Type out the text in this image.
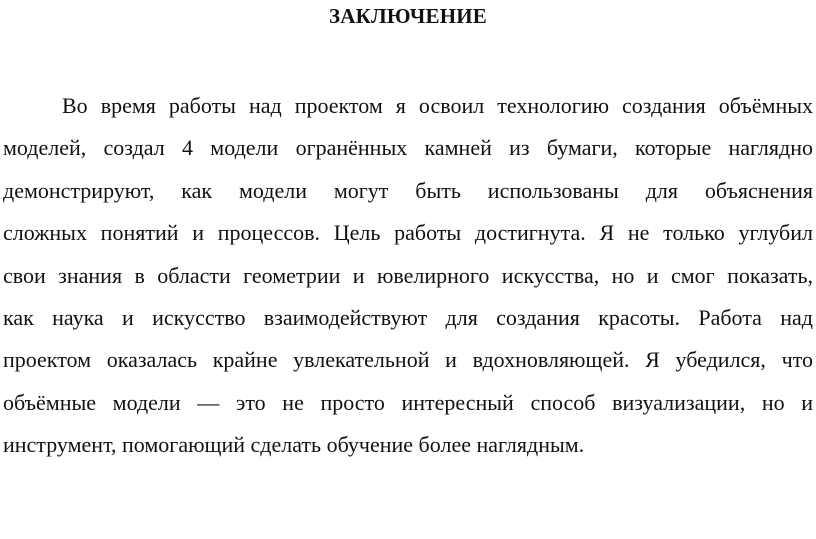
ЗАКЛЮЧЕНИЕ
Во время работы над проектом я освоил технологию создания объёмных
моделей, создал 4 модели огранённых камней из бумаги, которые наглядно
демонстрируют, как модели могут быть использованы для объяснения
сложных понятий и процессов. Цель работы достигнута. Я не только углубил
свои знания в области геометрии и ювелирного искусства, но и смог показать,
как наука и искусство взаимодействуют для создания красоты. Работа над
проектом оказалась крайне увлекательной и вдохновляющей. Я убедился, что
объёмные модели — это не просто интересный способ визуализации, но и
инструмент, помогающий сделать обучение более наглядным.
